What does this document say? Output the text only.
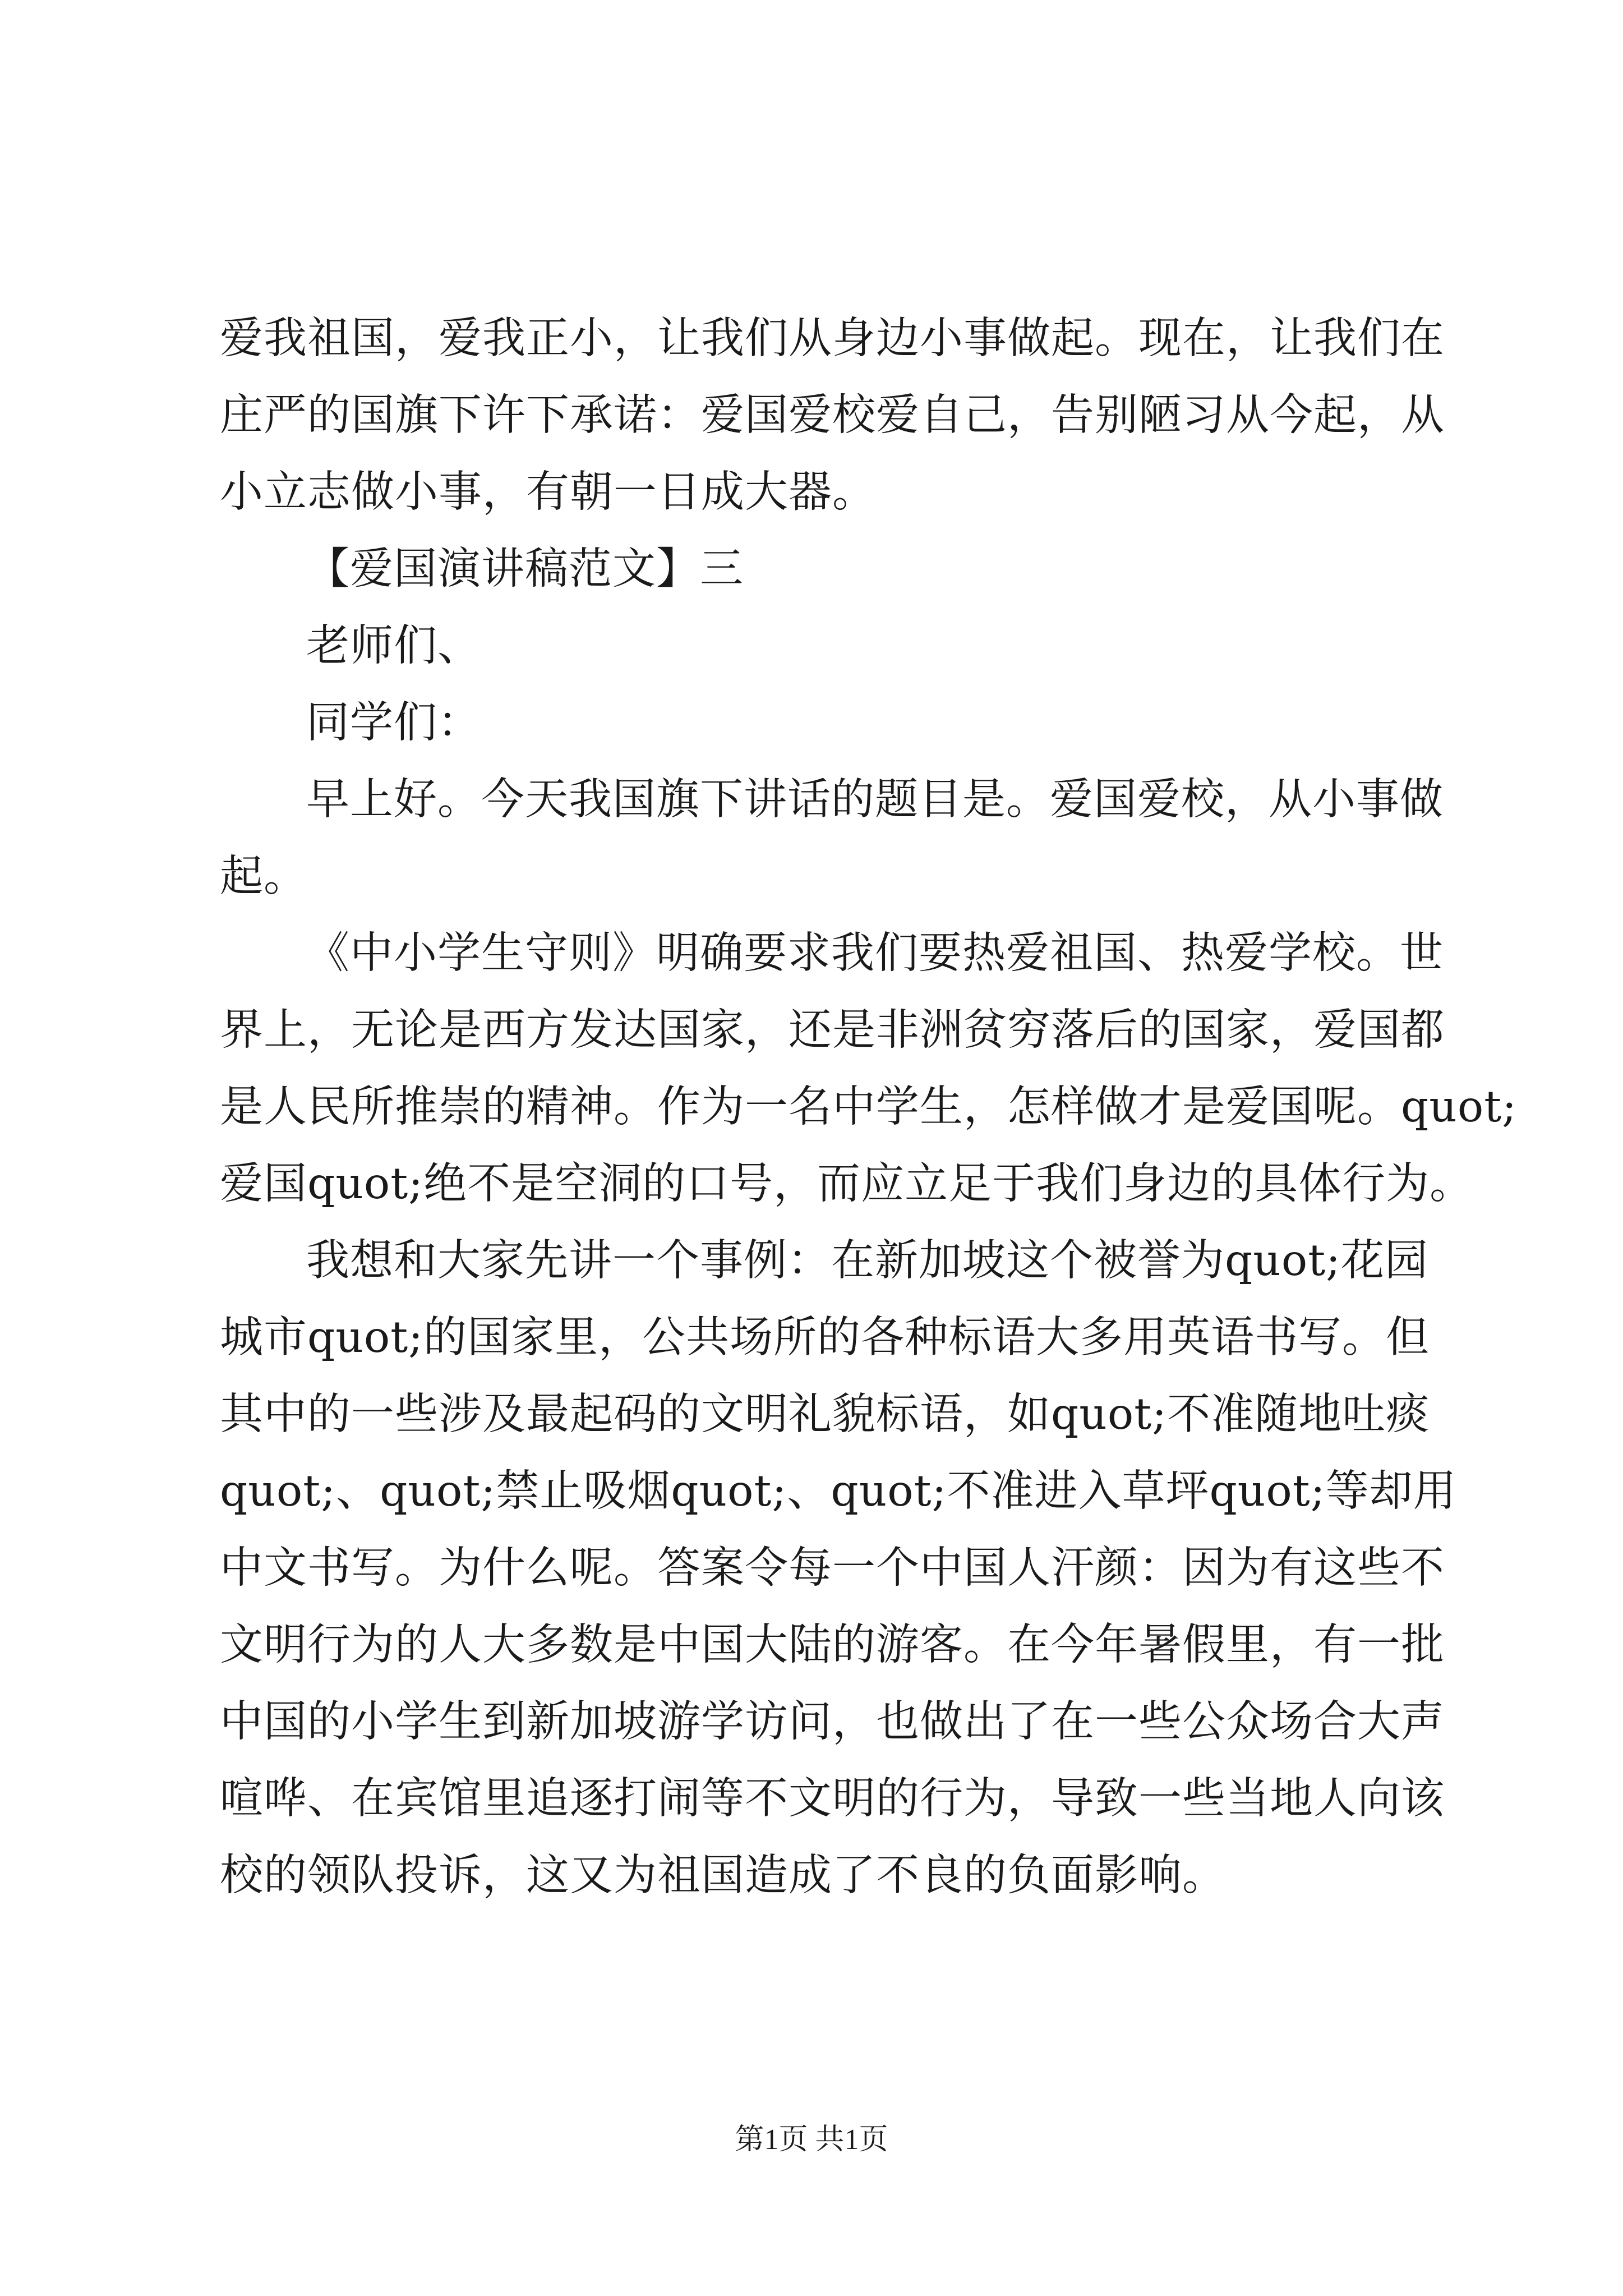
爱我祖国，爱我正小，让我们从身边小事做起。现在，让我们在
庄严的国旗下许下承诺：爱国爱校爱自己，告别陋习从今起，从
小立志做小事，有朝一日成大器。
【爱国演讲稿范文】三
老师们、
同学们：
早上好。今天我国旗下讲话的题目是。爱国爱校，从小事做
起。
《中小学生守则》明确要求我们要热爱祖国、热爱学校。世
界上，无论是西方发达国家，还是非洲贫穷落后的国家，爱国都
是人民所推崇的精神。作为一名中学生，怎样做才是爱国呢。quot;
爱国quot;绝不是空洞的口号，而应立足于我们身边的具体行为。
我想和大家先讲一个事例：在新加坡这个被誉为quot;花园
城市quot;的国家里，公共场所的各种标语大多用英语书写。但
其中的一些涉及最起码的文明礼貌标语，如quot;不准随地吐痰
quot;、quot;禁止吸烟quot;、quot;不准进入草坪quot;等却用
中文书写。为什么呢。答案令每一个中国人汗颜：因为有这些不
文明行为的人大多数是中国大陆的游客。在今年暑假里，有一批
中国的小学生到新加坡游学访问，也做出了在一些公众场合大声
喧哗、在宾馆里追逐打闹等不文明的行为，导致一些当地人向该
校的领队投诉，这又为祖国造成了不良的负面影响。
第1页 共1页
